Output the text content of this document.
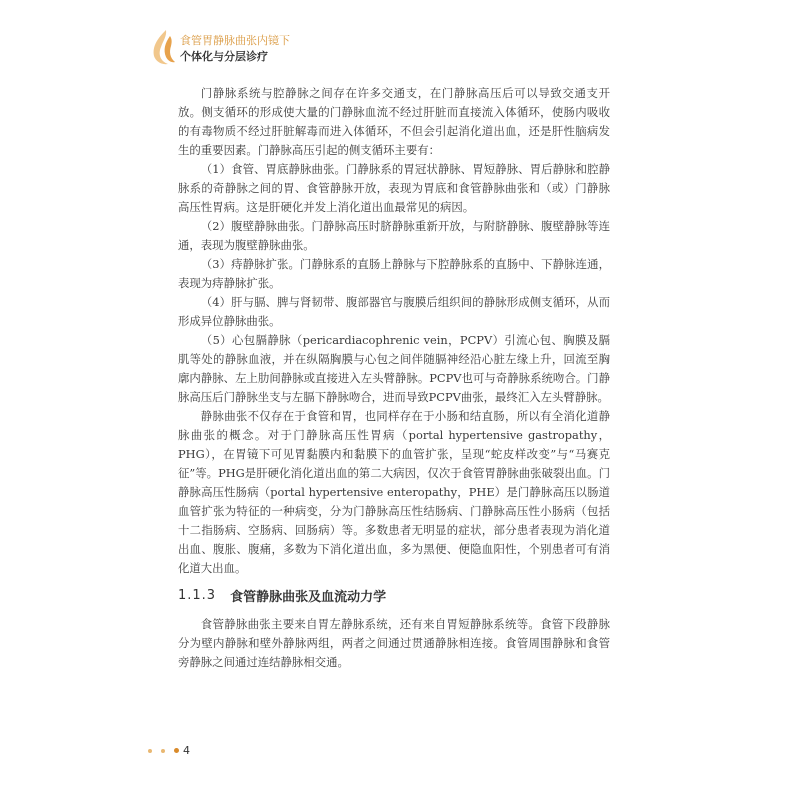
食管胃静脉曲张内镜下
个体化与分层诊疗

门静脉系统与腔静脉之间存在许多交通支，在门静脉高压后可以导致交通支开放。侧支循环的形成使大量的门静脉血流不经过肝脏而直接流入体循环，使肠内吸收的有毒物质不经过肝脏解毒而进入体循环，不但会引起消化道出血，还是肝性脑病发生的重要因素。门静脉高压引起的侧支循环主要有：

（1）食管、胃底静脉曲张。门静脉系的胃冠状静脉、胃短静脉、胃后静脉和腔静脉系的奇静脉之间的胃、食管静脉开放，表现为胃底和食管静脉曲张和（或）门静脉高压性胃病。这是肝硬化并发上消化道出血最常见的病因。

（2）腹壁静脉曲张。门静脉高压时脐静脉重新开放，与附脐静脉、腹壁静脉等连通，表现为腹壁静脉曲张。

（3）痔静脉扩张。门静脉系的直肠上静脉与下腔静脉系的直肠中、下静脉连通，表现为痔静脉扩张。

（4）肝与膈、脾与肾韧带、腹部器官与腹膜后组织间的静脉形成侧支循环，从而形成异位静脉曲张。

（5）心包膈静脉（pericardiacophrenic vein，PCPV）引流心包、胸膜及膈肌等处的静脉血液，并在纵隔胸膜与心包之间伴随膈神经沿心脏左缘上升，回流至胸廓内静脉、左上肋间静脉或直接进入左头臂静脉。PCPV也可与奇静脉系统吻合。门静脉高压后门静脉坐支与左膈下静脉吻合，进而导致PCPV曲张，最终汇入左头臂静脉。

静脉曲张不仅存在于食管和胃，也同样存在于小肠和结直肠，所以有全消化道静脉曲张的概念。对于门静脉高压性胃病（portal hypertensive gastropathy，PHG），在胃镜下可见胃黏膜内和黏膜下的血管扩张，呈现“蛇皮样改变”与“马赛克征”等。PHG是肝硬化消化道出血的第二大病因，仅次于食管胃静脉曲张破裂出血。门静脉高压性肠病（portal hypertensive enteropathy，PHE）是门静脉高压以肠道血管扩张为特征的一种病变，分为门静脉高压性结肠病、门静脉高压性小肠病（包括十二指肠病、空肠病、回肠病）等。多数患者无明显的症状，部分患者表现为消化道出血、腹胀、腹痛，多数为下消化道出血，多为黑便、便隐血阳性，个别患者可有消化道大出血。

1.1.3 食管静脉曲张及血流动力学

食管静脉曲张主要来自胃左静脉系统，还有来自胃短静脉系统等。食管下段静脉分为壁内静脉和壁外静脉两组，两者之间通过贯通静脉相连接。食管周围静脉和食管旁静脉之间通过连结静脉相交通。

4
